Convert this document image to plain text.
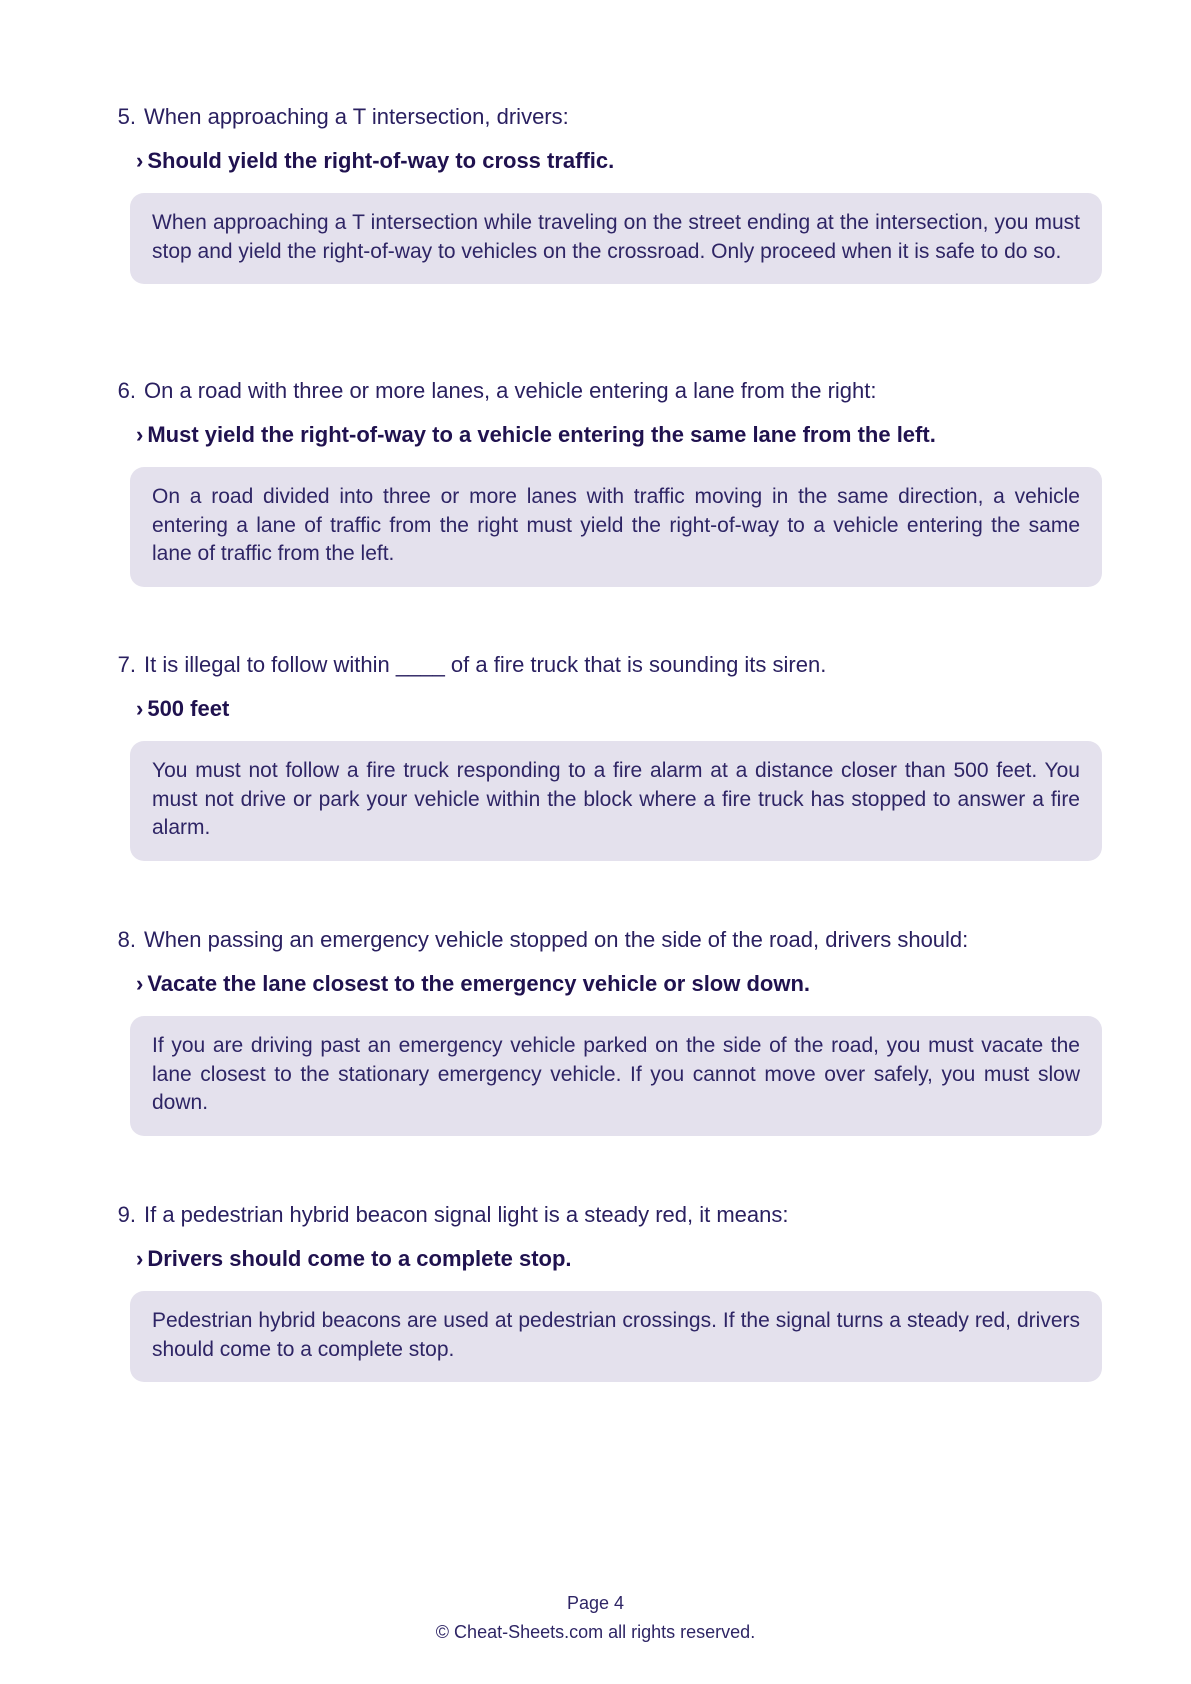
5. When approaching a T intersection, drivers:
› Should yield the right-of-way to cross traffic.
When approaching a T intersection while traveling on the street ending at the intersection, you must stop and yield the right-of-way to vehicles on the crossroad. Only proceed when it is safe to do so.
6. On a road with three or more lanes, a vehicle entering a lane from the right:
› Must yield the right-of-way to a vehicle entering the same lane from the left.
On a road divided into three or more lanes with traffic moving in the same direction, a vehicle entering a lane of traffic from the right must yield the right-of-way to a vehicle entering the same lane of traffic from the left.
7. It is illegal to follow within ____ of a fire truck that is sounding its siren.
› 500 feet
You must not follow a fire truck responding to a fire alarm at a distance closer than 500 feet. You must not drive or park your vehicle within the block where a fire truck has stopped to answer a fire alarm.
8. When passing an emergency vehicle stopped on the side of the road, drivers should:
› Vacate the lane closest to the emergency vehicle or slow down.
If you are driving past an emergency vehicle parked on the side of the road, you must vacate the lane closest to the stationary emergency vehicle. If you cannot move over safely, you must slow down.
9. If a pedestrian hybrid beacon signal light is a steady red, it means:
› Drivers should come to a complete stop.
Pedestrian hybrid beacons are used at pedestrian crossings. If the signal turns a steady red, drivers should come to a complete stop.
Page 4
© Cheat-Sheets.com all rights reserved.
